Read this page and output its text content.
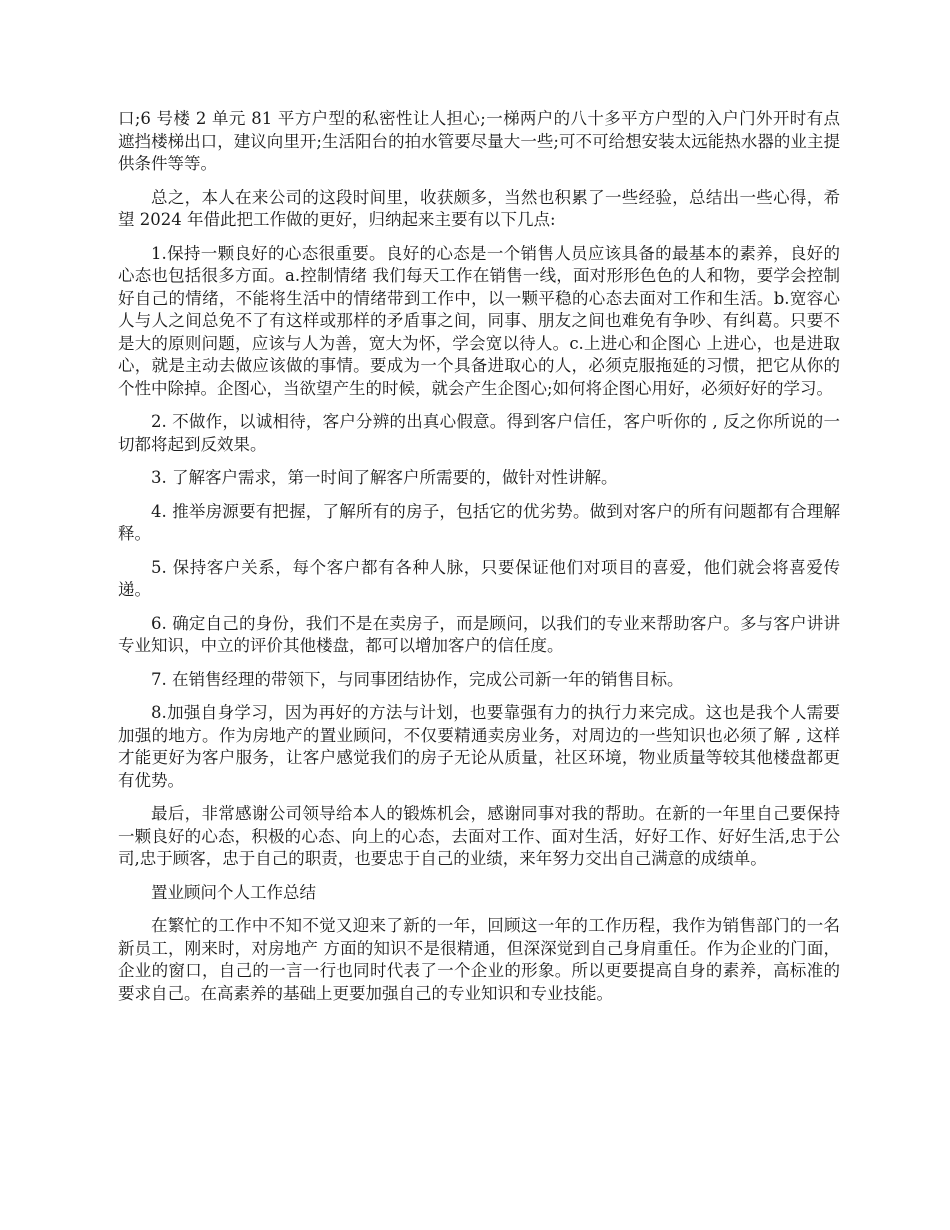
口;6 号楼 2 单元 81 平方户型的私密性让人担心;一梯两户的八十多平方户型的入户门外开时有点遮挡楼梯出口，建议向里开;生活阳台的拍水管要尽量大一些;可不可给想安装太远能热水器的业主提供条件等等。

总之，本人在来公司的这段时间里，收获颇多，当然也积累了一些经验，总结出一些心得，希望 2024 年借此把工作做的更好，归纳起来主要有以下几点:

1.保持一颗良好的心态很重要。良好的心态是一个销售人员应该具备的最基本的素养，良好的心态也包括很多方面。a.控制情绪 我们每天工作在销售一线，面对形形色色的人和物，要学会控制好自己的情绪，不能将生活中的情绪带到工作中，以一颗平稳的心态去面对工作和生活。b.宽容心 人与人之间总免不了有这样或那样的矛盾事之间，同事、朋友之间也难免有争吵、有纠葛。只要不是大的原则问题，应该与人为善，宽大为怀，学会宽以待人。c.上进心和企图心 上进心，也是进取心，就是主动去做应该做的事情。要成为一个具备进取心的人，必须克服拖延的习惯，把它从你的个性中除掉。企图心，当欲望产生的时候，就会产生企图心;如何将企图心用好，必须好好的学习。

2. 不做作，以诚相待，客户分辨的出真心假意。得到客户信任，客户听你的 , 反之你所说的一切都将起到反效果。

3. 了解客户需求，第一时间了解客户所需要的，做针对性讲解。

4. 推举房源要有把握，了解所有的房子，包括它的优劣势。做到对客户的所有问题都有合理解释。

5. 保持客户关系，每个客户都有各种人脉，只要保证他们对项目的喜爱，他们就会将喜爱传递。

6. 确定自己的身份，我们不是在卖房子，而是顾问，以我们的专业来帮助客户。多与客户讲讲专业知识，中立的评价其他楼盘，都可以增加客户的信任度。

7. 在销售经理的带领下，与同事团结协作，完成公司新一年的销售目标。

8.加强自身学习，因为再好的方法与计划，也要靠强有力的执行力来完成。这也是我个人需要加强的地方。作为房地产的置业顾问，不仅要精通卖房业务，对周边的一些知识也必须了解 , 这样才能更好为客户服务，让客户感觉我们的房子无论从质量，社区环境，物业质量等较其他楼盘都更有优势。

最后，非常感谢公司领导给本人的锻炼机会，感谢同事对我的帮助。在新的一年里自己要保持一颗良好的心态，积极的心态、向上的心态，去面对工作、面对生活，好好工作、好好生活,忠于公司,忠于顾客，忠于自己的职责，也要忠于自己的业绩，来年努力交出自己满意的成绩单。

置业顾问个人工作总结

在繁忙的工作中不知不觉又迎来了新的一年，回顾这一年的工作历程，我作为销售部门的一名新员工，刚来时，对房地产 方面的知识不是很精通，但深深觉到自己身肩重任。作为企业的门面，企业的窗口，自己的一言一行也同时代表了一个企业的形象。所以更要提高自身的素养，高标准的要求自己。在高素养的基础上更要加强自己的专业知识和专业技能。
